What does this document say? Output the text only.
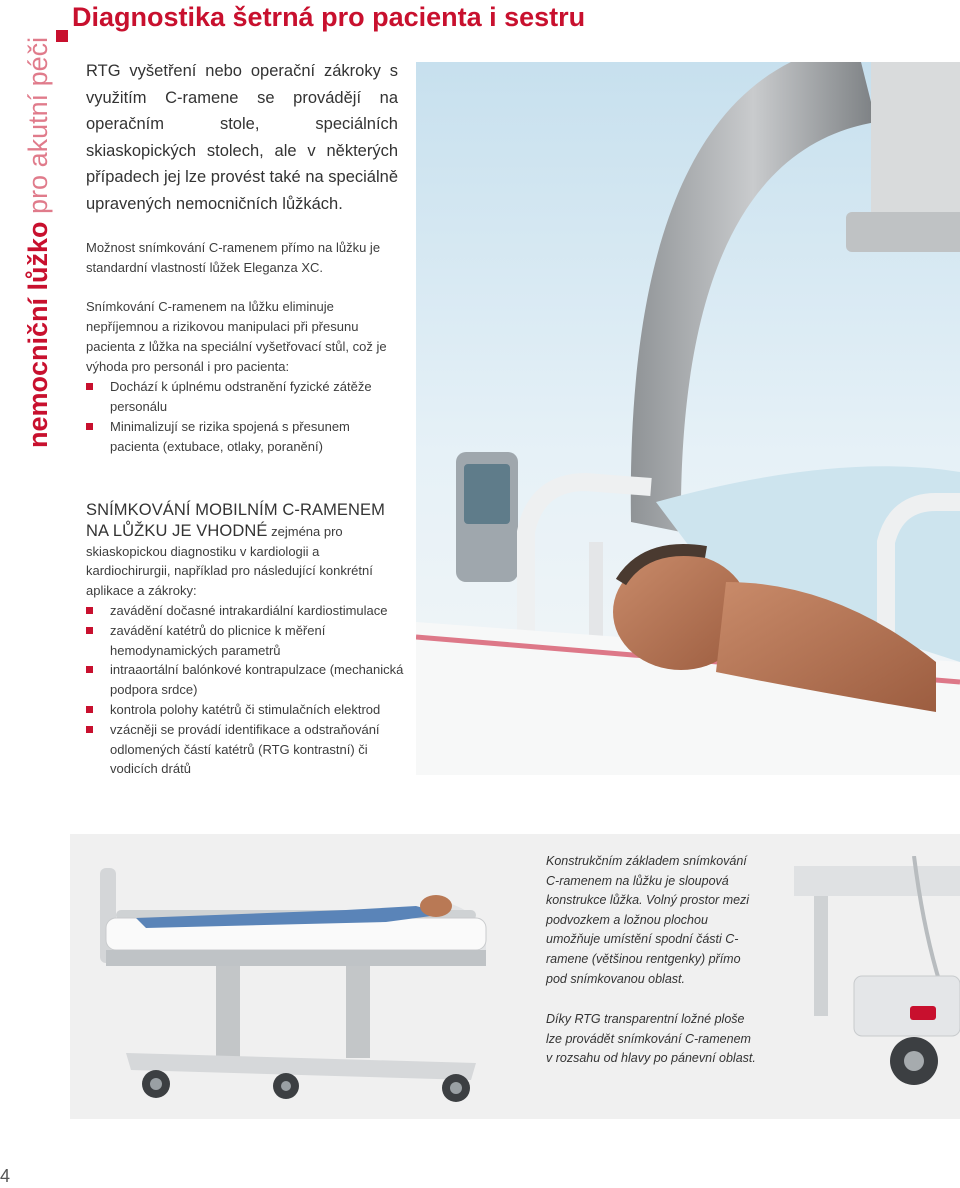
Diagnostika šetrná pro pacienta i sestru
nemocniční lůžko pro akutní péči RTG vyšetření nebo operační zákroky s využitím C-ramene se provádějí na operačním stole, speciálních skiaskopických stolech, ale v některých případech jej lze provést také na speciálně upravených nemocničních lůžkách.

Možnost snímkování C-ramenem přímo na lůžku je standardní vlastností lůžek Eleganza XC.

Snímkování C-ramenem na lůžku eliminuje nepříjemnou a rizikovou manipulaci při přesunu pacienta z lůžka na speciální vyšetřovací stůl, což je výhoda pro personál i pro pacienta:

Dochází k úplnému odstranění fyzické zátěže personálu
Minimalizují se rizika spojená s přesunem pacienta (extubace, otlaky, poranění)

SNÍMKOVÁNÍ MOBILNÍM C-RAMENEM NA LŮŽKU JE VHODNÉ zejména pro skiaskopickou diagnostiku v kardiologii a kardiochirurgii, například pro následující konkrétní aplikace a zákroky:

zavádění dočasné intrakardiální kardiostimulace
zavádění katétrů do plicnice k měření hemodynamických parametrů
intraaortální balónkové kontrapulzace (mechanická podpora srdce)
kontrola polohy katétrů či stimulačních elektrod
vzácněji se provádí identifikace a odstraňování odlomených částí katétrů (RTG kontrastní) či vodicích drátů

Konstrukčním základem snímkování C-ramenem na lůžku je sloupová konstrukce lůžka. Volný prostor mezi podvozkem a ložnou plochou umožňuje umístění spodní části C-ramene (většinou rentgenky) přímo pod snímkovanou oblast.

Díky RTG transparentní ložné ploše lze provádět snímkování C-ramenem v rozsahu od hlavy po pánevní oblast.

4
